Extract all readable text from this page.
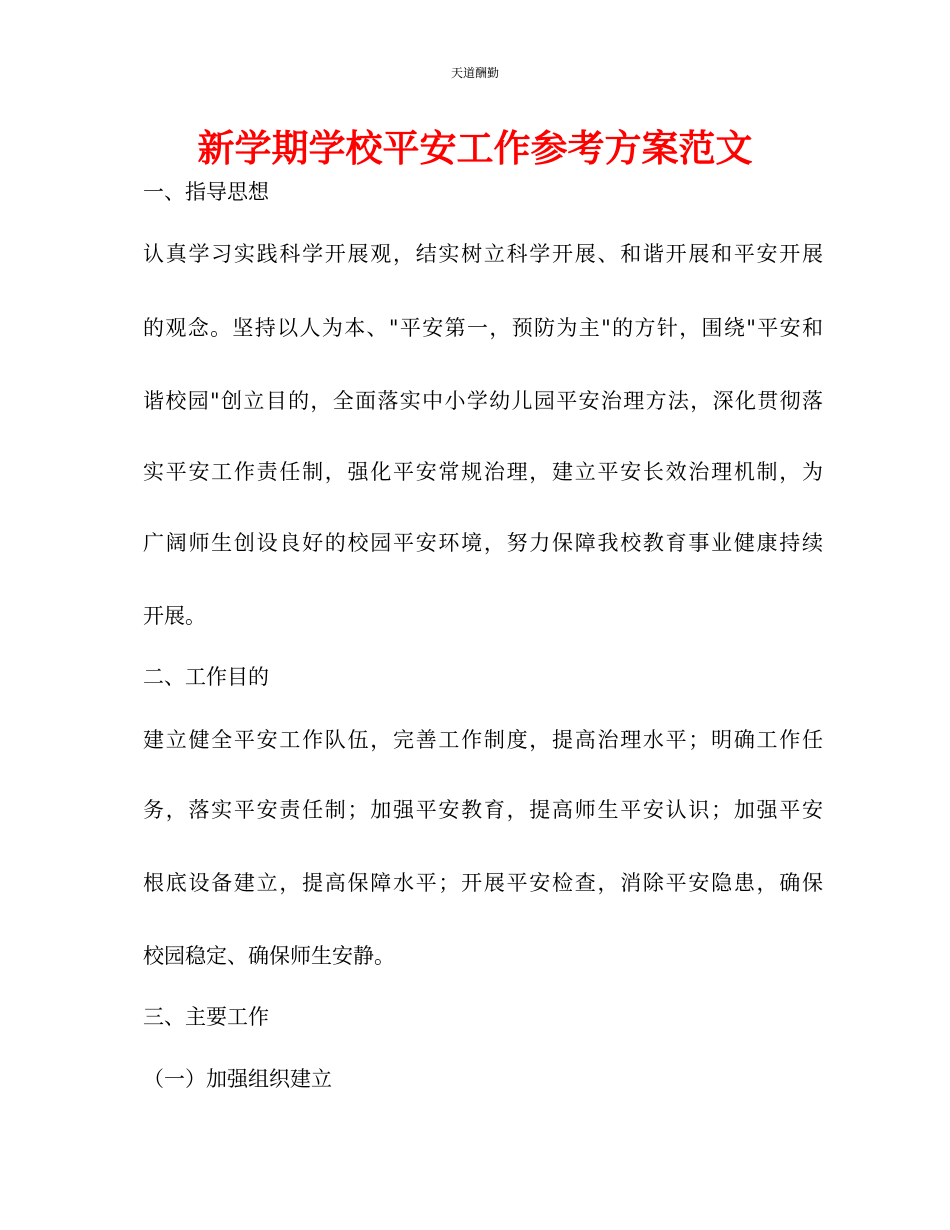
天道酬勤
新学期学校平安工作参考方案范文
一、指导思想
认真学习实践科学开展观，结实树立科学开展、和谐开展和平安开展
的观念。坚持以人为本、"平安第一，预防为主"的方针，围绕"平安和
谐校园"创立目的，全面落实中小学幼儿园平安治理方法，深化贯彻落
实平安工作责任制，强化平安常规治理，建立平安长效治理机制，为
广阔师生创设良好的校园平安环境，努力保障我校教育事业健康持续
开展。
二、工作目的
建立健全平安工作队伍，完善工作制度，提高治理水平；明确工作任
务，落实平安责任制；加强平安教育，提高师生平安认识；加强平安
根底设备建立，提高保障水平；开展平安检查，消除平安隐患，确保
校园稳定、确保师生安静。
三、主要工作
（一）加强组织建立
